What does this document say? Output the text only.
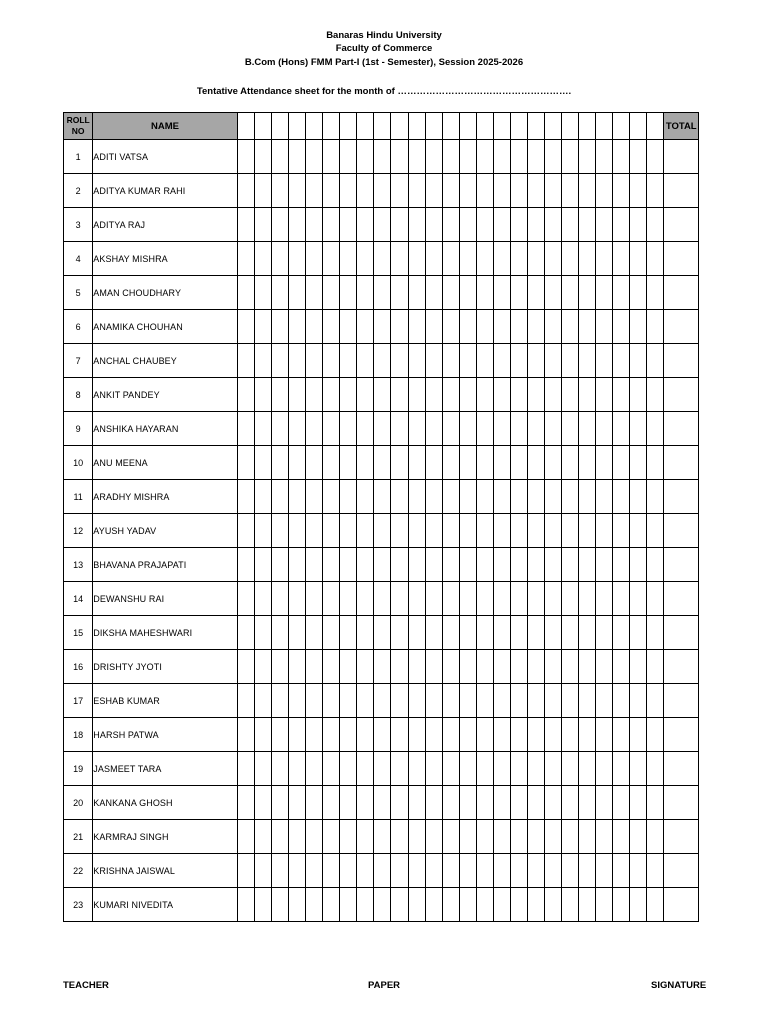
Banaras Hindu University
Faculty of Commerce
B.Com (Hons) FMM Part-I (1st - Semester), Session 2025-2026
Tentative Attendance sheet for the month of ……………………………………………….
ROLL NO	NAME																										TOTAL
1	ADITI VATSA																										
2	ADITYA KUMAR RAHI																										
3	ADITYA RAJ																										
4	AKSHAY MISHRA																										
5	AMAN CHOUDHARY																										
6	ANAMIKA CHOUHAN																										
7	ANCHAL CHAUBEY																										
8	ANKIT PANDEY																										
9	ANSHIKA HAYARAN																										
10	ANU MEENA																										
11	ARADHY MISHRA																										
12	AYUSH YADAV																										
13	BHAVANA PRAJAPATI																										
14	DEWANSHU RAI																										
15	DIKSHA MAHESHWARI																										
16	DRISHTY JYOTI																										
17	ESHAB KUMAR																										
18	HARSH PATWA																										
19	JASMEET TARA																										
20	KANKANA GHOSH																										
21	KARMRAJ SINGH																										
22	KRISHNA JAISWAL																										
23	KUMARI NIVEDITA																										
TEACHER	PAPER	SIGNATURE
